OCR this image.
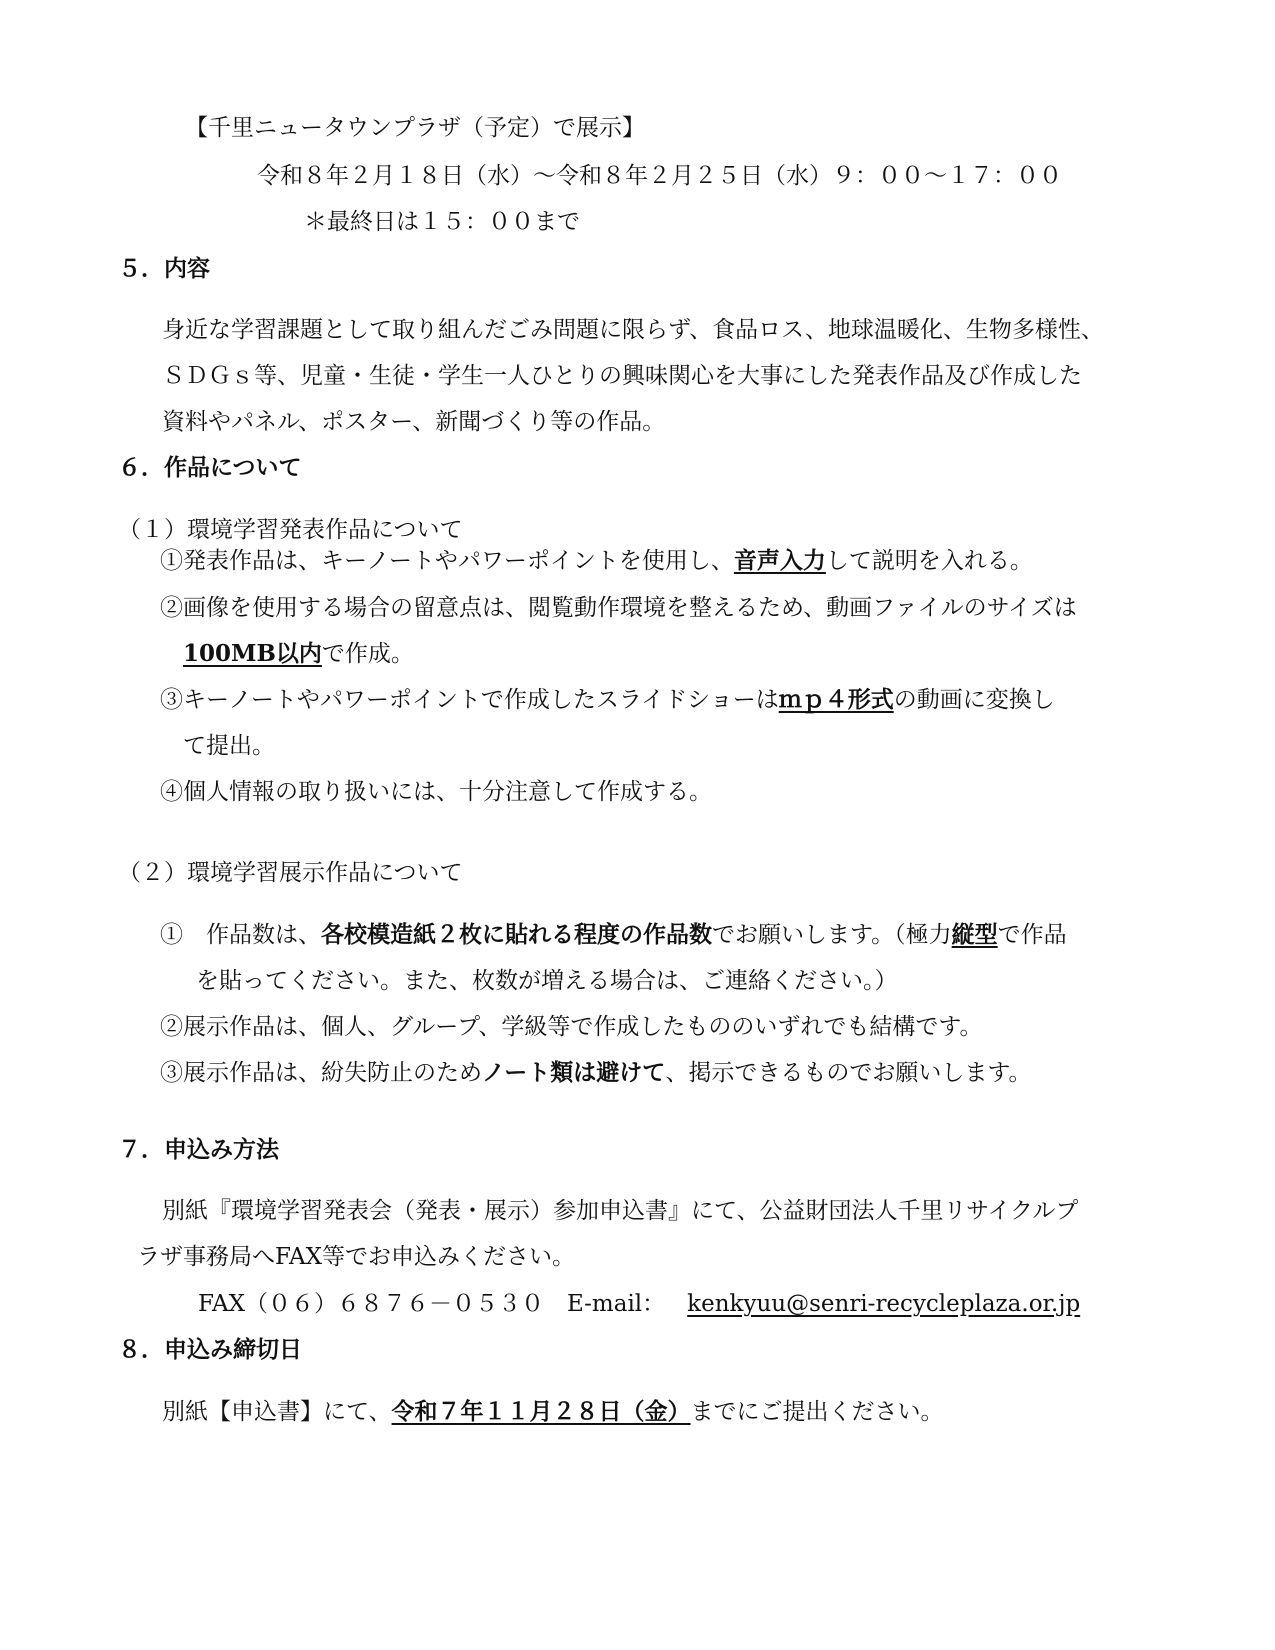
【千里ニュータウンプラザ（予定）で展示】
令和８年２月１８日（水）～令和８年２月２５日（水）９：００～１７：００
＊最終日は１５：００まで
５．内容
身近な学習課題として取り組んだごみ問題に限らず、食品ロス、地球温暖化、生物多様性、
ＳＤＧｓ等、児童・生徒・学生一人ひとりの興味関心を大事にした発表作品及び作成した
資料やパネル、ポスター、新聞づくり等の作品。
６．作品について
（１）環境学習発表作品について
①発表作品は、キーノートやパワーポイントを使用し、音声入力して説明を入れる。
②画像を使用する場合の留意点は、閲覧動作環境を整えるため、動画ファイルのサイズは
100MB以内で作成。
③キーノートやパワーポイントで作成したスライドショーはｍｐ４形式の動画に変換し
て提出。
④個人情報の取り扱いには、十分注意して作成する。
（２）環境学習展示作品について
①　作品数は、各校模造紙２枚に貼れる程度の作品数でお願いします。（極力縦型で作品
を貼ってください。また、枚数が増える場合は、ご連絡ください。）
②展示作品は、個人、グループ、学級等で作成したもののいずれでも結構です。
③展示作品は、紛失防止のためノート類は避けて、掲示できるものでお願いします。
７．申込み方法
別紙『環境学習発表会（発表・展示）参加申込書』にて、公益財団法人千里リサイクルプ
ラザ事務局へFAX等でお申込みください。
FAX（０６）６８７６－０５３０　E-mail： kenkyuu@senri-recycleplaza.or.jp
８．申込み締切日
別紙【申込書】にて、令和７年１１月２８日（金）までにご提出ください。
